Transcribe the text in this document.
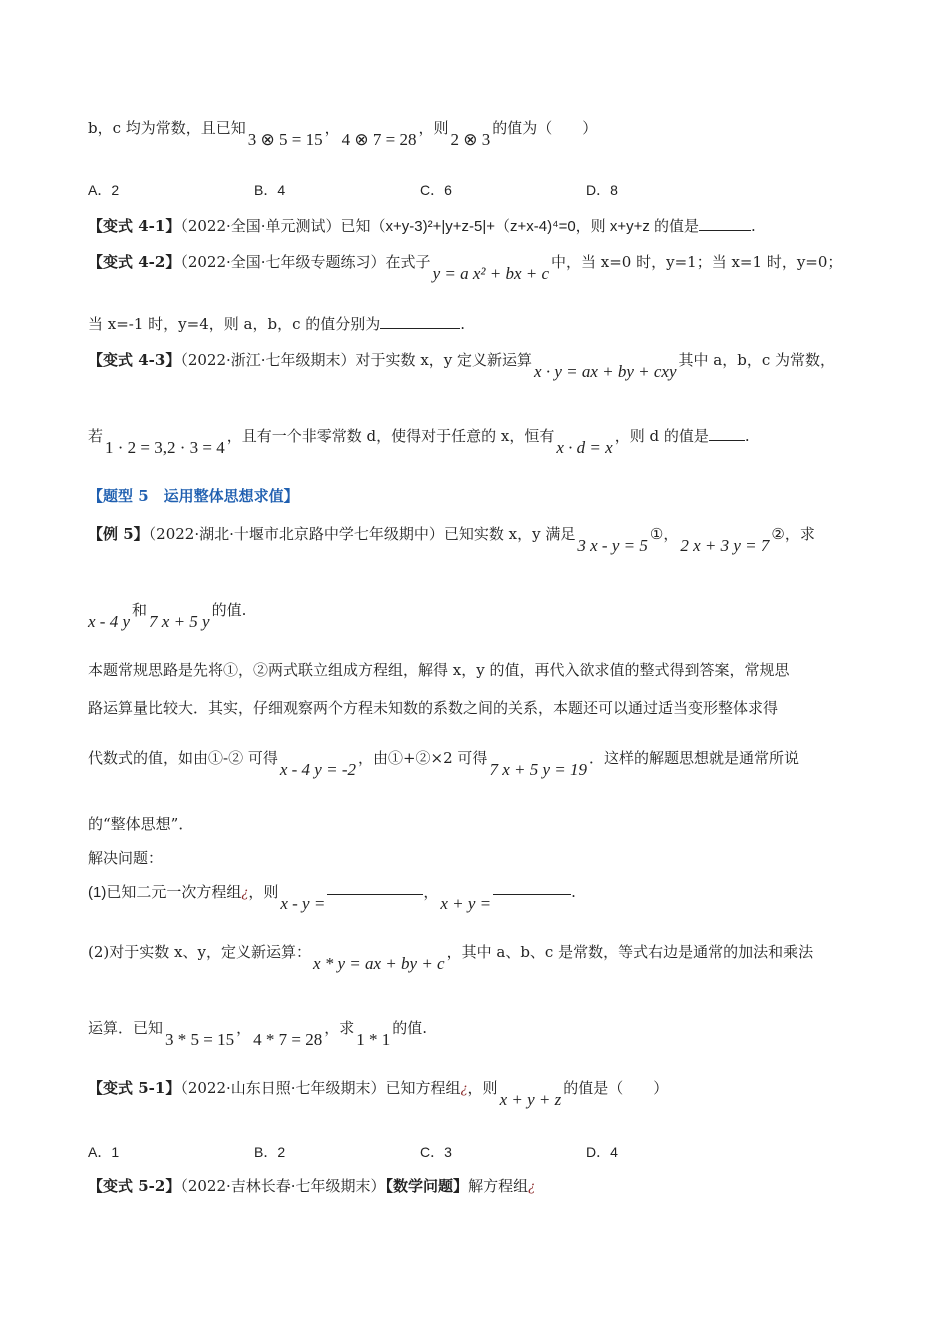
b，c 均为常数，且已知3 ⊗ 5 = 15，4 ⊗ 7 = 28，则2 ⊗ 3的值为（　　）
A．2	B．4	C．6	D．8
【变式 4-1】（2022·全国·单元测试）已知（x+y-3)²+|y+z-5|+（z+x-4)⁴=0，则 x+y+z 的值是	.
【变式 4-2】（2022·全国·七年级专题练习）在式子y = a x² + bx + c中，当 x=0 时，y=1；当 x=1 时，y=0；
当 x=-1 时，y=4，则 a，b，c 的值分别为	.
【变式 4-3】（2022·浙江·七年级期末）对于实数 x，y 定义新运算x · y = ax + by + cxy其中 a，b，c 为常数，
若1 · 2 = 3,2 · 3 = 4，且有一个非零常数 d，使得对于任意的 x，恒有x · d = x，则 d 的值是 .
【题型 5　运用整体思想求值】
【例 5】（2022·湖北·十堰市北京路中学七年级期中）已知实数 x，y 满足3 x - y = 5①，2 x + 3 y = 7②，求
x - 4 y和7 x + 5 y的值.
本题常规思路是先将①，②两式联立组成方程组，解得 x，y 的值，再代入欲求值的整式得到答案，常规思
路运算量比较大．其实，仔细观察两个方程未知数的系数之间的关系，本题还可以通过适当变形整体求得
代数式的值，如由①-② 可得x - 4 y = -2，由①+②×2 可得7 x + 5 y = 19．这样的解题思想就是通常所说
的“整体思想”．
解决问题：
(1)已知二元一次方程组¿，则x - y =，x + y =.
(2)对于实数 x、y，定义新运算：x * y = ax + by + c，其中 a、b、c 是常数，等式右边是通常的加法和乘法
运算．已知3 * 5 = 15，4 * 7 = 28，求1 * 1的值.
【变式 5-1】（2022·山东日照·七年级期末）已知方程组¿，则x + y + z的值是（　　）
A．1	B．2	C．3	D．4
【变式 5-2】（2022·吉林长春·七年级期末）【数学问题】解方程组¿
